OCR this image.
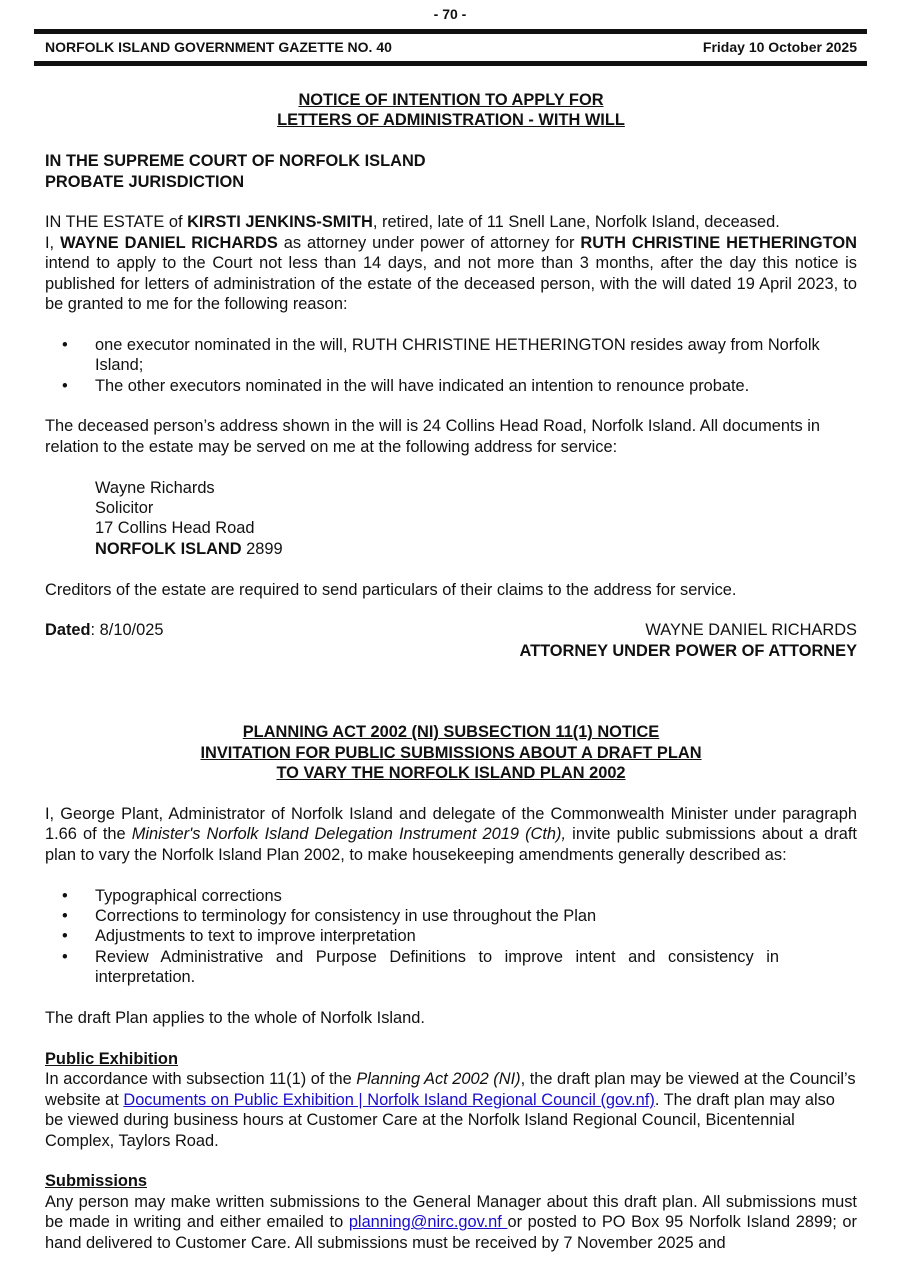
- 70 -
NORFOLK ISLAND GOVERNMENT GAZETTE NO. 40	Friday 10 October 2025
NOTICE OF INTENTION TO APPLY FOR
LETTERS OF ADMINISTRATION - WITH WILL
IN THE SUPREME COURT OF NORFOLK ISLAND
PROBATE JURISDICTION

IN THE ESTATE of KIRSTI JENKINS-SMITH, retired, late of 11 Snell Lane, Norfolk Island, deceased.

I, WAYNE DANIEL RICHARDS as attorney under power of attorney for RUTH CHRISTINE HETHERINGTON intend to apply to the Court not less than 14 days, and not more than 3 months, after the day this notice is published for letters of administration of the estate of the deceased person, with the will dated 19 April 2023, to be granted to me for the following reason:

•	one executor nominated in the will, RUTH CHRISTINE HETHERINGTON resides away from Norfolk Island;
•	The other executors nominated in the will have indicated an intention to renounce probate.

The deceased person’s address shown in the will is 24 Collins Head Road, Norfolk Island. All documents in relation to the estate may be served on me at the following address for service:

Wayne Richards
Solicitor
17 Collins Head Road
NORFOLK ISLAND 2899

Creditors of the estate are required to send particulars of their claims to the address for service.

Dated: 8/10/025	WAYNE DANIEL RICHARDS
ATTORNEY UNDER POWER OF ATTORNEY
PLANNING ACT 2002 (NI) SUBSECTION 11(1) NOTICE
INVITATION FOR PUBLIC SUBMISSIONS ABOUT A DRAFT PLAN
TO VARY THE NORFOLK ISLAND PLAN 2002

I, George Plant, Administrator of Norfolk Island and delegate of the Commonwealth Minister under paragraph 1.66 of the Minister's Norfolk Island Delegation Instrument 2019 (Cth), invite public submissions about a draft plan to vary the Norfolk Island Plan 2002, to make housekeeping amendments generally described as:

•	Typographical corrections
•	Corrections to terminology for consistency in use throughout the Plan
•	Adjustments to text to improve interpretation
•	Review Administrative and Purpose Definitions to improve intent and consistency in interpretation.

The draft Plan applies to the whole of Norfolk Island.

Public Exhibition

In accordance with subsection 11(1) of the Planning Act 2002 (NI), the draft plan may be viewed at the Council’s website at Documents on Public Exhibition | Norfolk Island Regional Council (gov.nf). The draft plan may also be viewed during business hours at Customer Care at the Norfolk Island Regional Council, Bicentennial Complex, Taylors Road.

Submissions

Any person may make written submissions to the General Manager about this draft plan. All submissions must be made in writing and either emailed to planning@nirc.gov.nf or posted to PO Box 95 Norfolk Island 2899; or hand delivered to Customer Care. All submissions must be received by 7 November 2025 and
